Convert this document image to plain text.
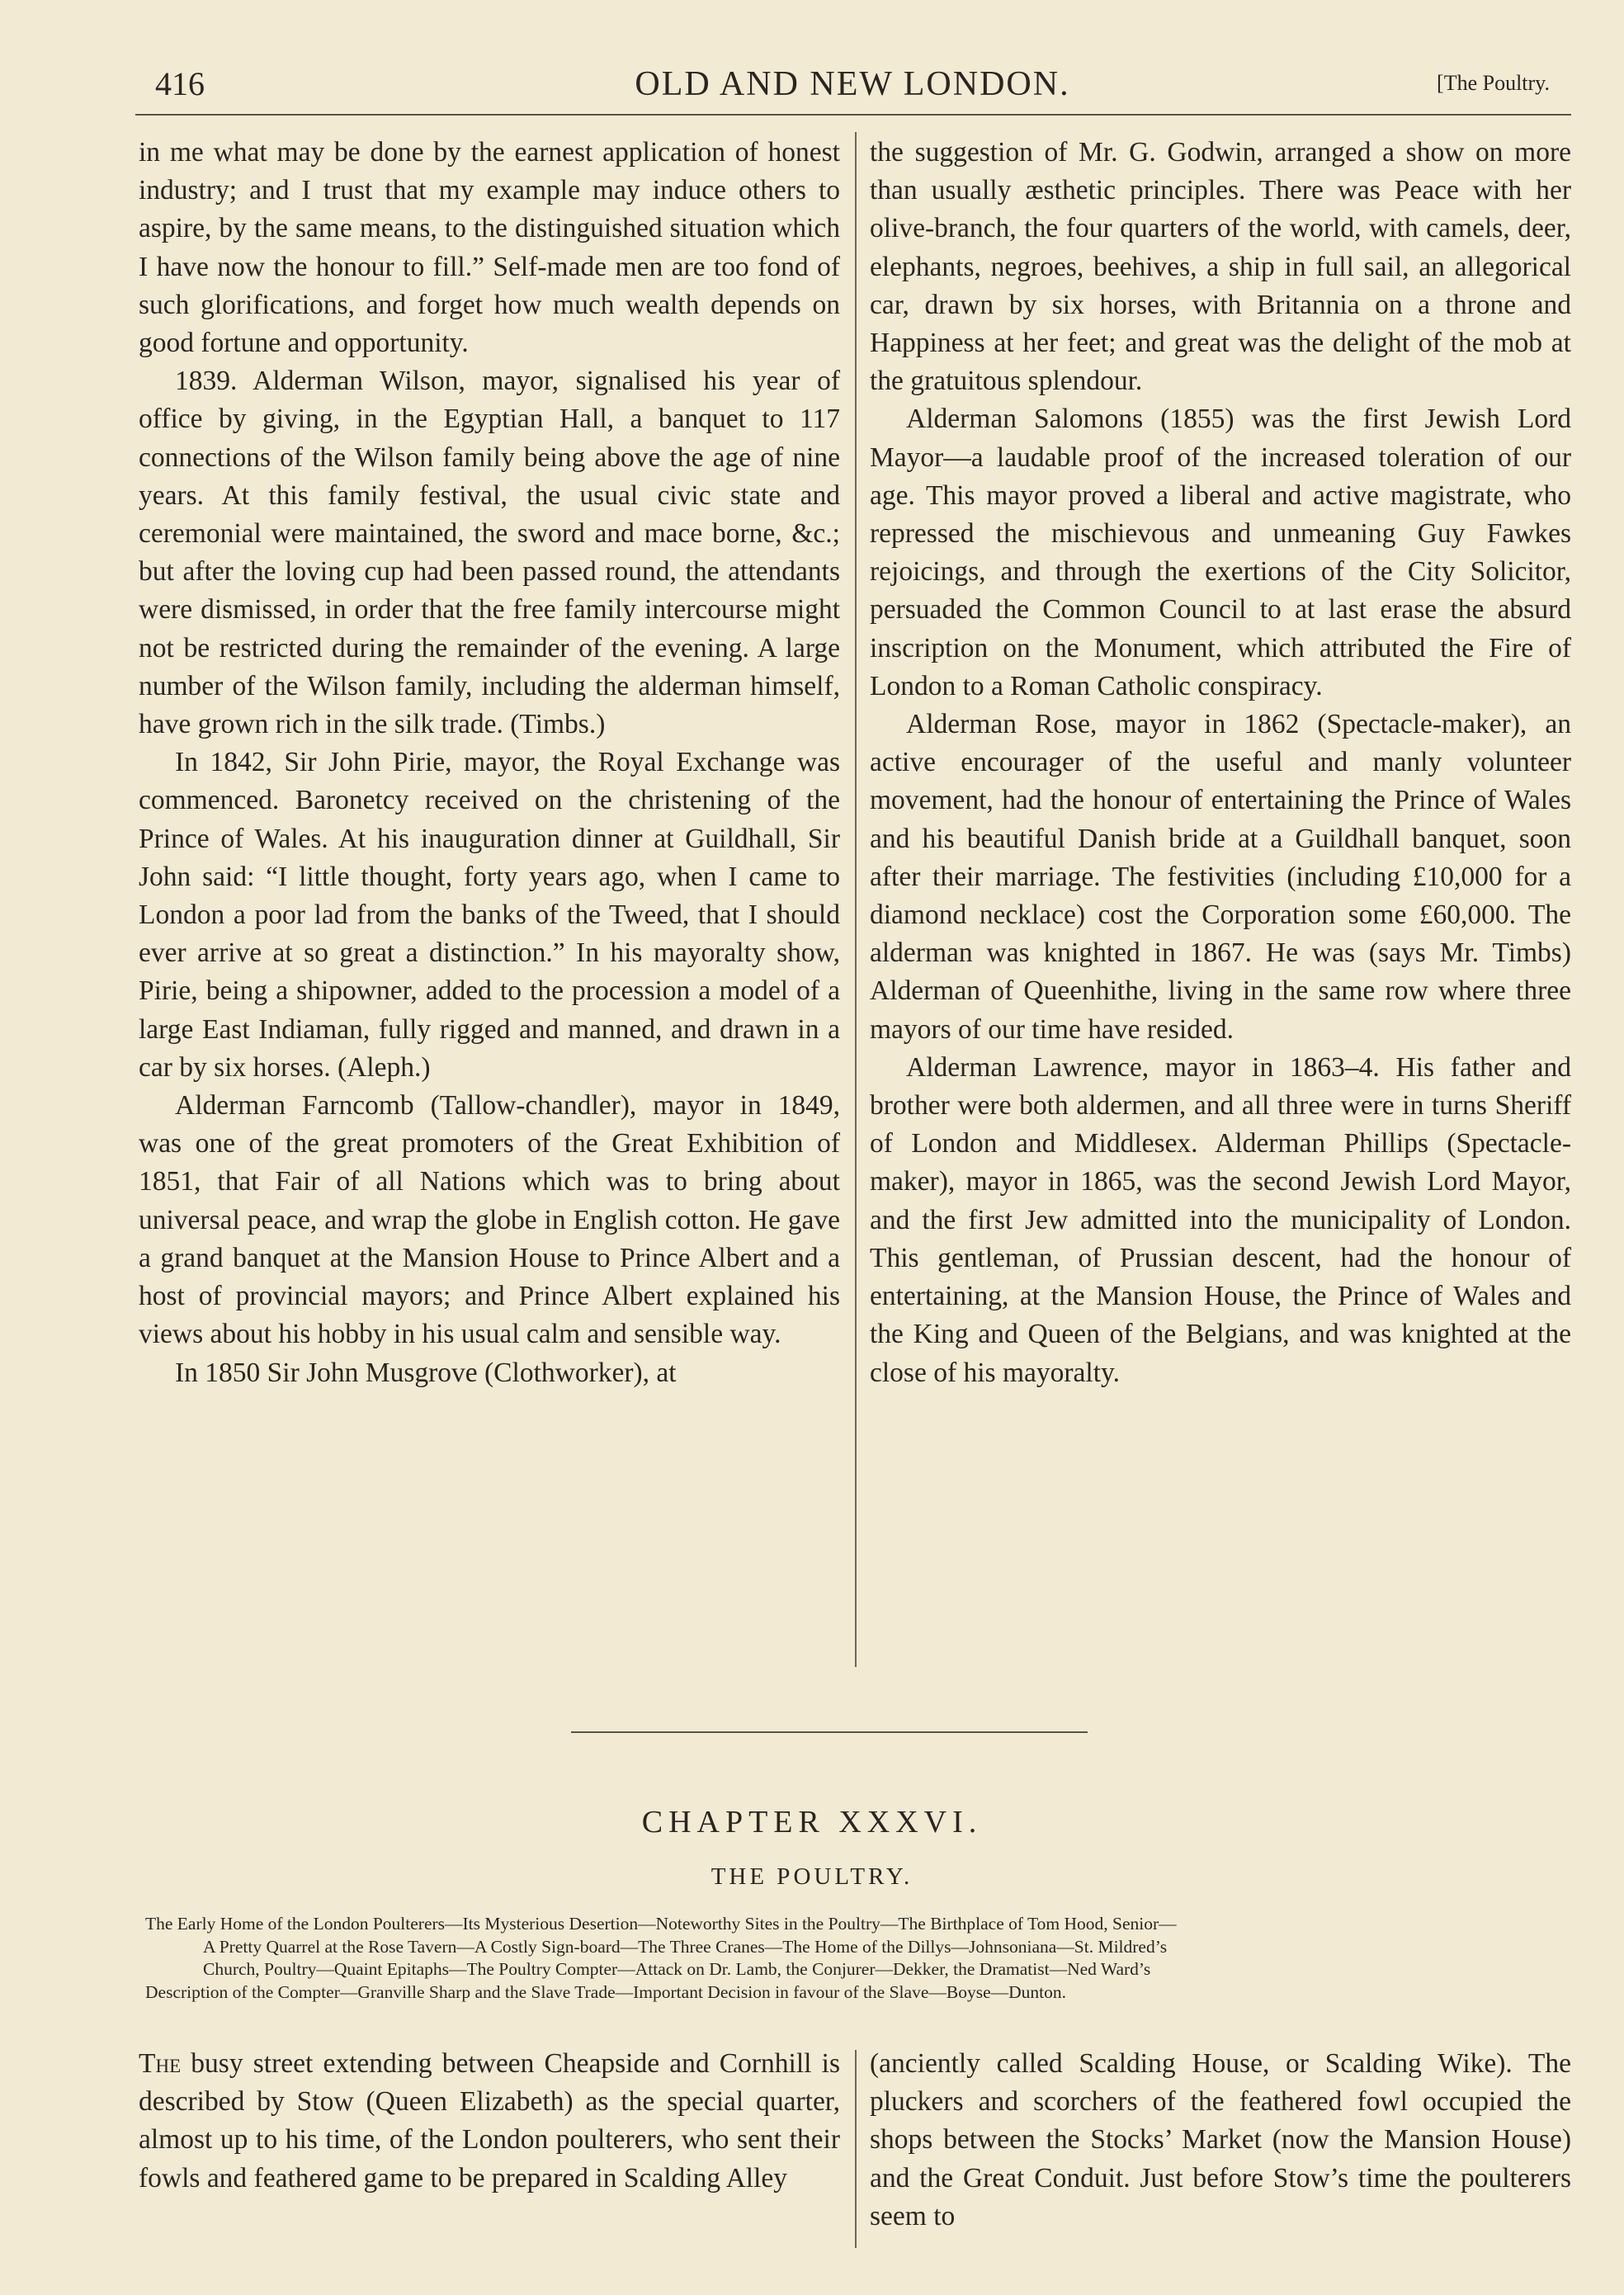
416	OLD AND NEW LONDON.	[The Poultry.

in me what may be done by the earnest application of honest industry; and I trust that my example may induce others to aspire, by the same means, to the distinguished situation which I have now the honour to fill.” Self-made men are too fond of such glorifications, and forget how much wealth depends on good fortune and opportunity.

1839. Alderman Wilson, mayor, signalised his year of office by giving, in the Egyptian Hall, a banquet to 117 connections of the Wilson family being above the age of nine years. At this family festival, the usual civic state and ceremonial were maintained, the sword and mace borne, &c.; but after the loving cup had been passed round, the attendants were dismissed, in order that the free family intercourse might not be restricted during the remainder of the evening. A large number of the Wilson family, including the alderman himself, have grown rich in the silk trade. (Timbs.)

In 1842, Sir John Pirie, mayor, the Royal Exchange was commenced. Baronetcy received on the christening of the Prince of Wales. At his inauguration dinner at Guildhall, Sir John said: “I little thought, forty years ago, when I came to London a poor lad from the banks of the Tweed, that I should ever arrive at so great a distinction.” In his mayoralty show, Pirie, being a shipowner, added to the procession a model of a large East Indiaman, fully rigged and manned, and drawn in a car by six horses. (Aleph.)

Alderman Farncomb (Tallow-chandler), mayor in 1849, was one of the great promoters of the Great Exhibition of 1851, that Fair of all Nations which was to bring about universal peace, and wrap the globe in English cotton. He gave a grand banquet at the Mansion House to Prince Albert and a host of provincial mayors; and Prince Albert explained his views about his hobby in his usual calm and sensible way.

In 1850 Sir John Musgrove (Clothworker), at

the suggestion of Mr. G. Godwin, arranged a show on more than usually æsthetic principles. There was Peace with her olive-branch, the four quarters of the world, with camels, deer, elephants, negroes, beehives, a ship in full sail, an allegorical car, drawn by six horses, with Britannia on a throne and Happiness at her feet; and great was the delight of the mob at the gratuitous splendour.

Alderman Salomons (1855) was the first Jewish Lord Mayor—a laudable proof of the increased toleration of our age. This mayor proved a liberal and active magistrate, who repressed the mischievous and unmeaning Guy Fawkes rejoicings, and through the exertions of the City Solicitor, persuaded the Common Council to at last erase the absurd inscription on the Monument, which attributed the Fire of London to a Roman Catholic conspiracy.

Alderman Rose, mayor in 1862 (Spectacle-maker), an active encourager of the useful and manly volunteer movement, had the honour of entertaining the Prince of Wales and his beautiful Danish bride at a Guildhall banquet, soon after their marriage. The festivities (including £10,000 for a diamond necklace) cost the Corporation some £60,000. The alderman was knighted in 1867. He was (says Mr. Timbs) Alderman of Queenhithe, living in the same row where three mayors of our time have resided.

Alderman Lawrence, mayor in 1863–4. His father and brother were both aldermen, and all three were in turns Sheriff of London and Middlesex. Alderman Phillips (Spectacle-maker), mayor in 1865, was the second Jewish Lord Mayor, and the first Jew admitted into the municipality of London. This gentleman, of Prussian descent, had the honour of entertaining, at the Mansion House, the Prince of Wales and the King and Queen of the Belgians, and was knighted at the close of his mayoralty.

CHAPTER XXXVI.
THE POULTRY.
The Early Home of the London Poulterers—Its Mysterious Desertion—Noteworthy Sites in the Poultry—The Birthplace of Tom Hood, Senior—
A Pretty Quarrel at the Rose Tavern—A Costly Sign-board—The Three Cranes—The Home of the Dillys—Johnsoniana—St. Mildred’s
Church, Poultry—Quaint Epitaphs—The Poultry Compter—Attack on Dr. Lamb, the Conjurer—Dekker, the Dramatist—Ned Ward’s
Description of the Compter—Granville Sharp and the Slave Trade—Important Decision in favour of the Slave—Boyse—Dunton.

The busy street extending between Cheapside and Cornhill is described by Stow (Queen Elizabeth) as the special quarter, almost up to his time, of the London poulterers, who sent their fowls and feathered game to be prepared in Scalding Alley

(anciently called Scalding House, or Scalding Wike). The pluckers and scorchers of the feathered fowl occupied the shops between the Stocks’ Market (now the Mansion House) and the Great Conduit. Just before Stow’s time the poulterers seem to
